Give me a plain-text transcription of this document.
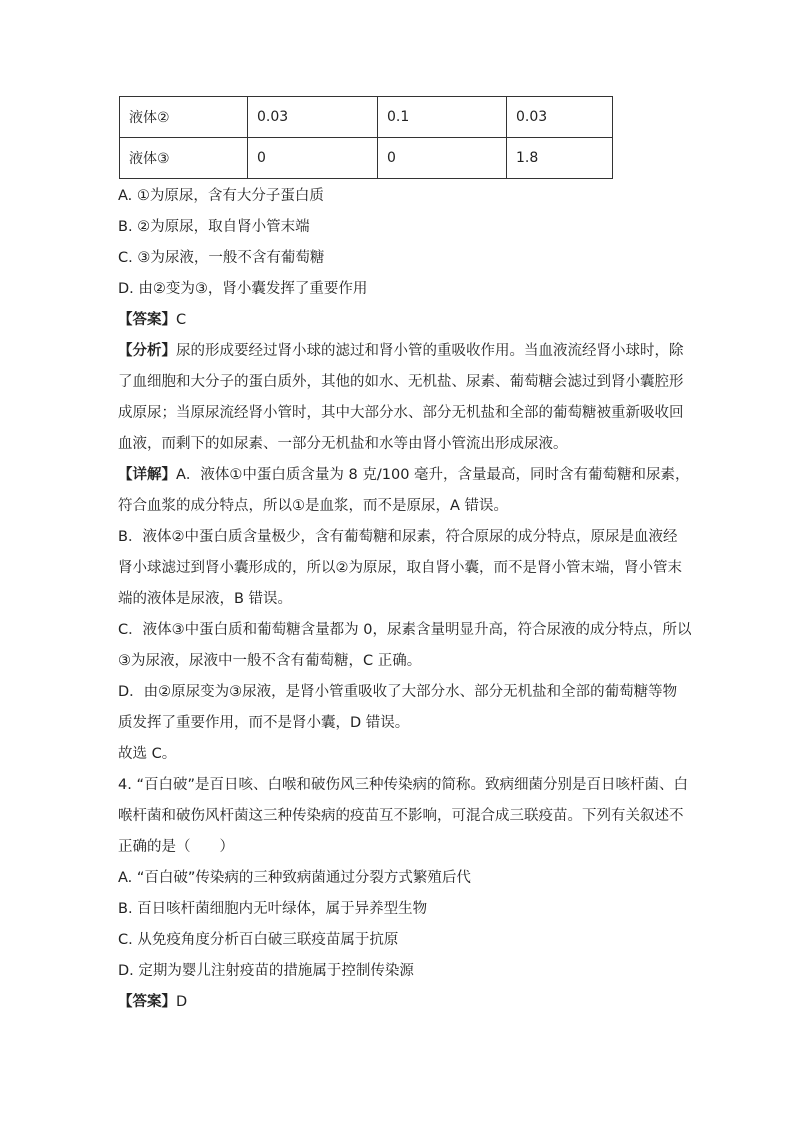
液体②	0.03	0.1	0.03
液体③	0	0	1.8

A. ①为原尿，含有大分子蛋白质

B. ②为原尿，取自肾小管末端

C. ③为尿液，一般不含有葡萄糖

D. 由②变为③，肾小囊发挥了重要作用

【答案】C

【分析】尿的形成要经过肾小球的滤过和肾小管的重吸收作用。当血液流经肾小球时，除

了血细胞和大分子的蛋白质外，其他的如水、无机盐、尿素、葡萄糖会滤过到肾小囊腔形

成原尿；当原尿流经肾小管时，其中大部分水、部分无机盐和全部的葡萄糖被重新吸收回

血液，而剩下的如尿素、一部分无机盐和水等由肾小管流出形成尿液。

【详解】A．液体①中蛋白质含量为 8 克/100 毫升，含量最高，同时含有葡萄糖和尿素，

符合血浆的成分特点，所以①是血浆，而不是原尿，A 错误。

B．液体②中蛋白质含量极少，含有葡萄糖和尿素，符合原尿的成分特点，原尿是血液经

肾小球滤过到肾小囊形成的，所以②为原尿，取自肾小囊，而不是肾小管末端，肾小管末

端的液体是尿液，B 错误。

C．液体③中蛋白质和葡萄糖含量都为 0，尿素含量明显升高，符合尿液的成分特点，所以

③为尿液，尿液中一般不含有葡萄糖，C 正确。

D．由②原尿变为③尿液，是肾小管重吸收了大部分水、部分无机盐和全部的葡萄糖等物

质发挥了重要作用，而不是肾小囊，D 错误。

故选 C。

4. “百白破”是百日咳、白喉和破伤风三种传染病的简称。致病细菌分别是百日咳杆菌、白

喉杆菌和破伤风杆菌这三种传染病的疫苗互不影响，可混合成三联疫苗。下列有关叙述不

正确的是（　　）

A. “百白破”传染病的三种致病菌通过分裂方式繁殖后代

B. 百日咳杆菌细胞内无叶绿体，属于异养型生物

C. 从免疫角度分析百白破三联疫苗属于抗原

D. 定期为婴儿注射疫苗的措施属于控制传染源

【答案】D
